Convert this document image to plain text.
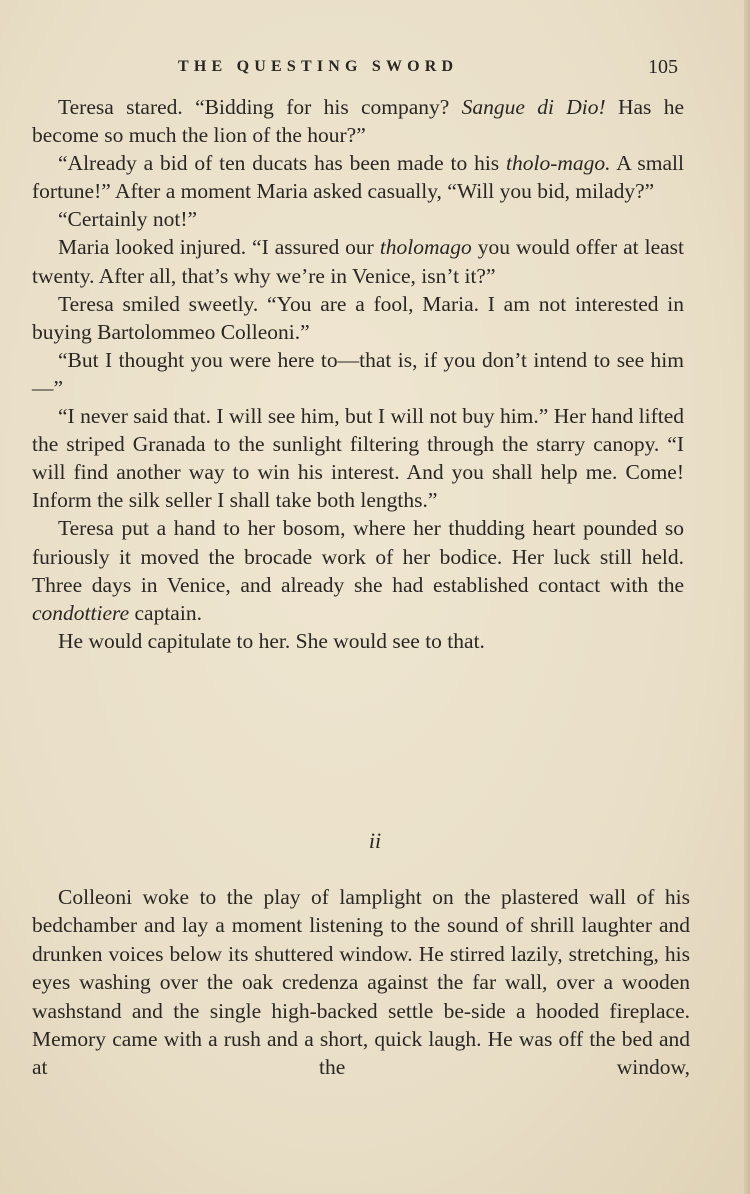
THE QUESTING SWORD	105

Teresa stared. “Bidding for his company? Sangue di Dio! Has he become so much the lion of the hour?”

“Already a bid of ten ducats has been made to his tholo-mago. A small fortune!” After a moment Maria asked casually, “Will you bid, milady?”

“Certainly not!”

Maria looked injured. “I assured our tholomago you would offer at least twenty. After all, that’s why we’re in Venice, isn’t it?”

Teresa smiled sweetly. “You are a fool, Maria. I am not interested in buying Bartolommeo Colleoni.”

“But I thought you were here to—that is, if you don’t intend to see him—”

“I never said that. I will see him, but I will not buy him.” Her hand lifted the striped Granada to the sunlight filtering through the starry canopy. “I will find another way to win his interest. And you shall help me. Come! Inform the silk seller I shall take both lengths.”

Teresa put a hand to her bosom, where her thudding heart pounded so furiously it moved the brocade work of her bodice. Her luck still held. Three days in Venice, and already she had established contact with the condottiere captain.

He would capitulate to her. She would see to that.

ii

Colleoni woke to the play of lamplight on the plastered wall of his bedchamber and lay a moment listening to the sound of shrill laughter and drunken voices below its shuttered window. He stirred lazily, stretching, his eyes washing over the oak credenza against the far wall, over a wooden washstand and the single high-backed settle be-side a hooded fireplace. Memory came with a rush and a short, quick laugh. He was off the bed and at the window,
